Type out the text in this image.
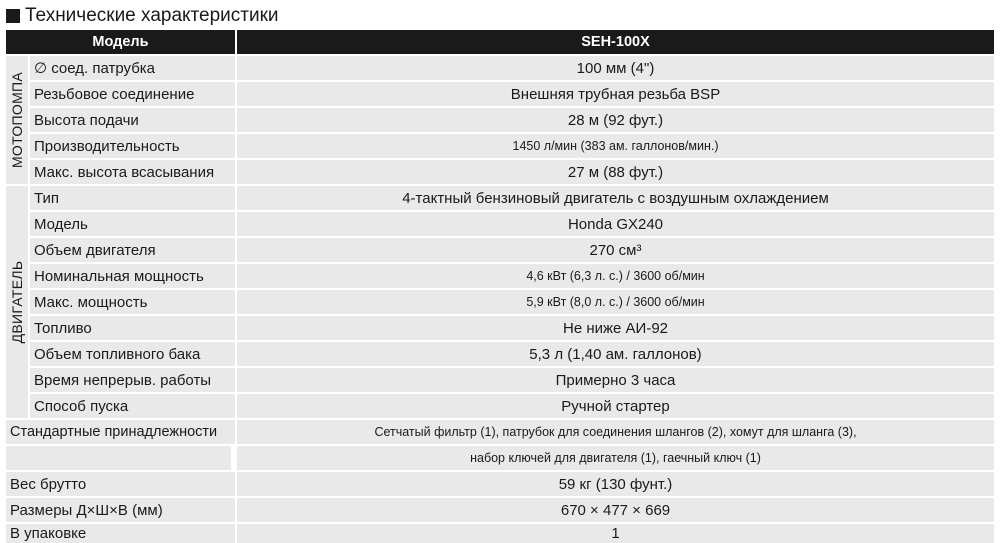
Технические характеристики
Модель	SEH-100X
МОТОПОМПА
ДВИГАТЕЛЬ
∅ соед. патрубка	100 мм (4")
Резьбовое соединение	Внешняя трубная резьба BSP
Высота подачи	28 м (92 фут.)
Производительность	1450 л/мин (383 ам. галлонов/мин.)
Макс. высота всасывания	27 м (88 фут.)
Тип	4-тактный бензиновый двигатель с воздушным охлаждением
Модель	Honda GX240
Объем двигателя	270 см³
Номинальная мощность	4,6 кВт (6,3 л. с.) / 3600 об/мин
Макс. мощность	5,9 кВт (8,0 л. с.) / 3600 об/мин
Топливо	Не ниже АИ-92
Объем топливного бака	5,3 л (1,40 ам. галлонов)
Время непрерыв. работы	Примерно 3 часа
Способ пуска	Ручной стартер
Стандартные принадлежности	Сетчатый фильтр (1), патрубок для соединения шлангов (2), хомут для шланга (3),
набор ключей для двигателя (1), гаечный ключ (1)
Вес брутто	59 кг (130 фунт.)
Размеры Д×Ш×В (мм)	670 × 477 × 669
В упаковке	1
